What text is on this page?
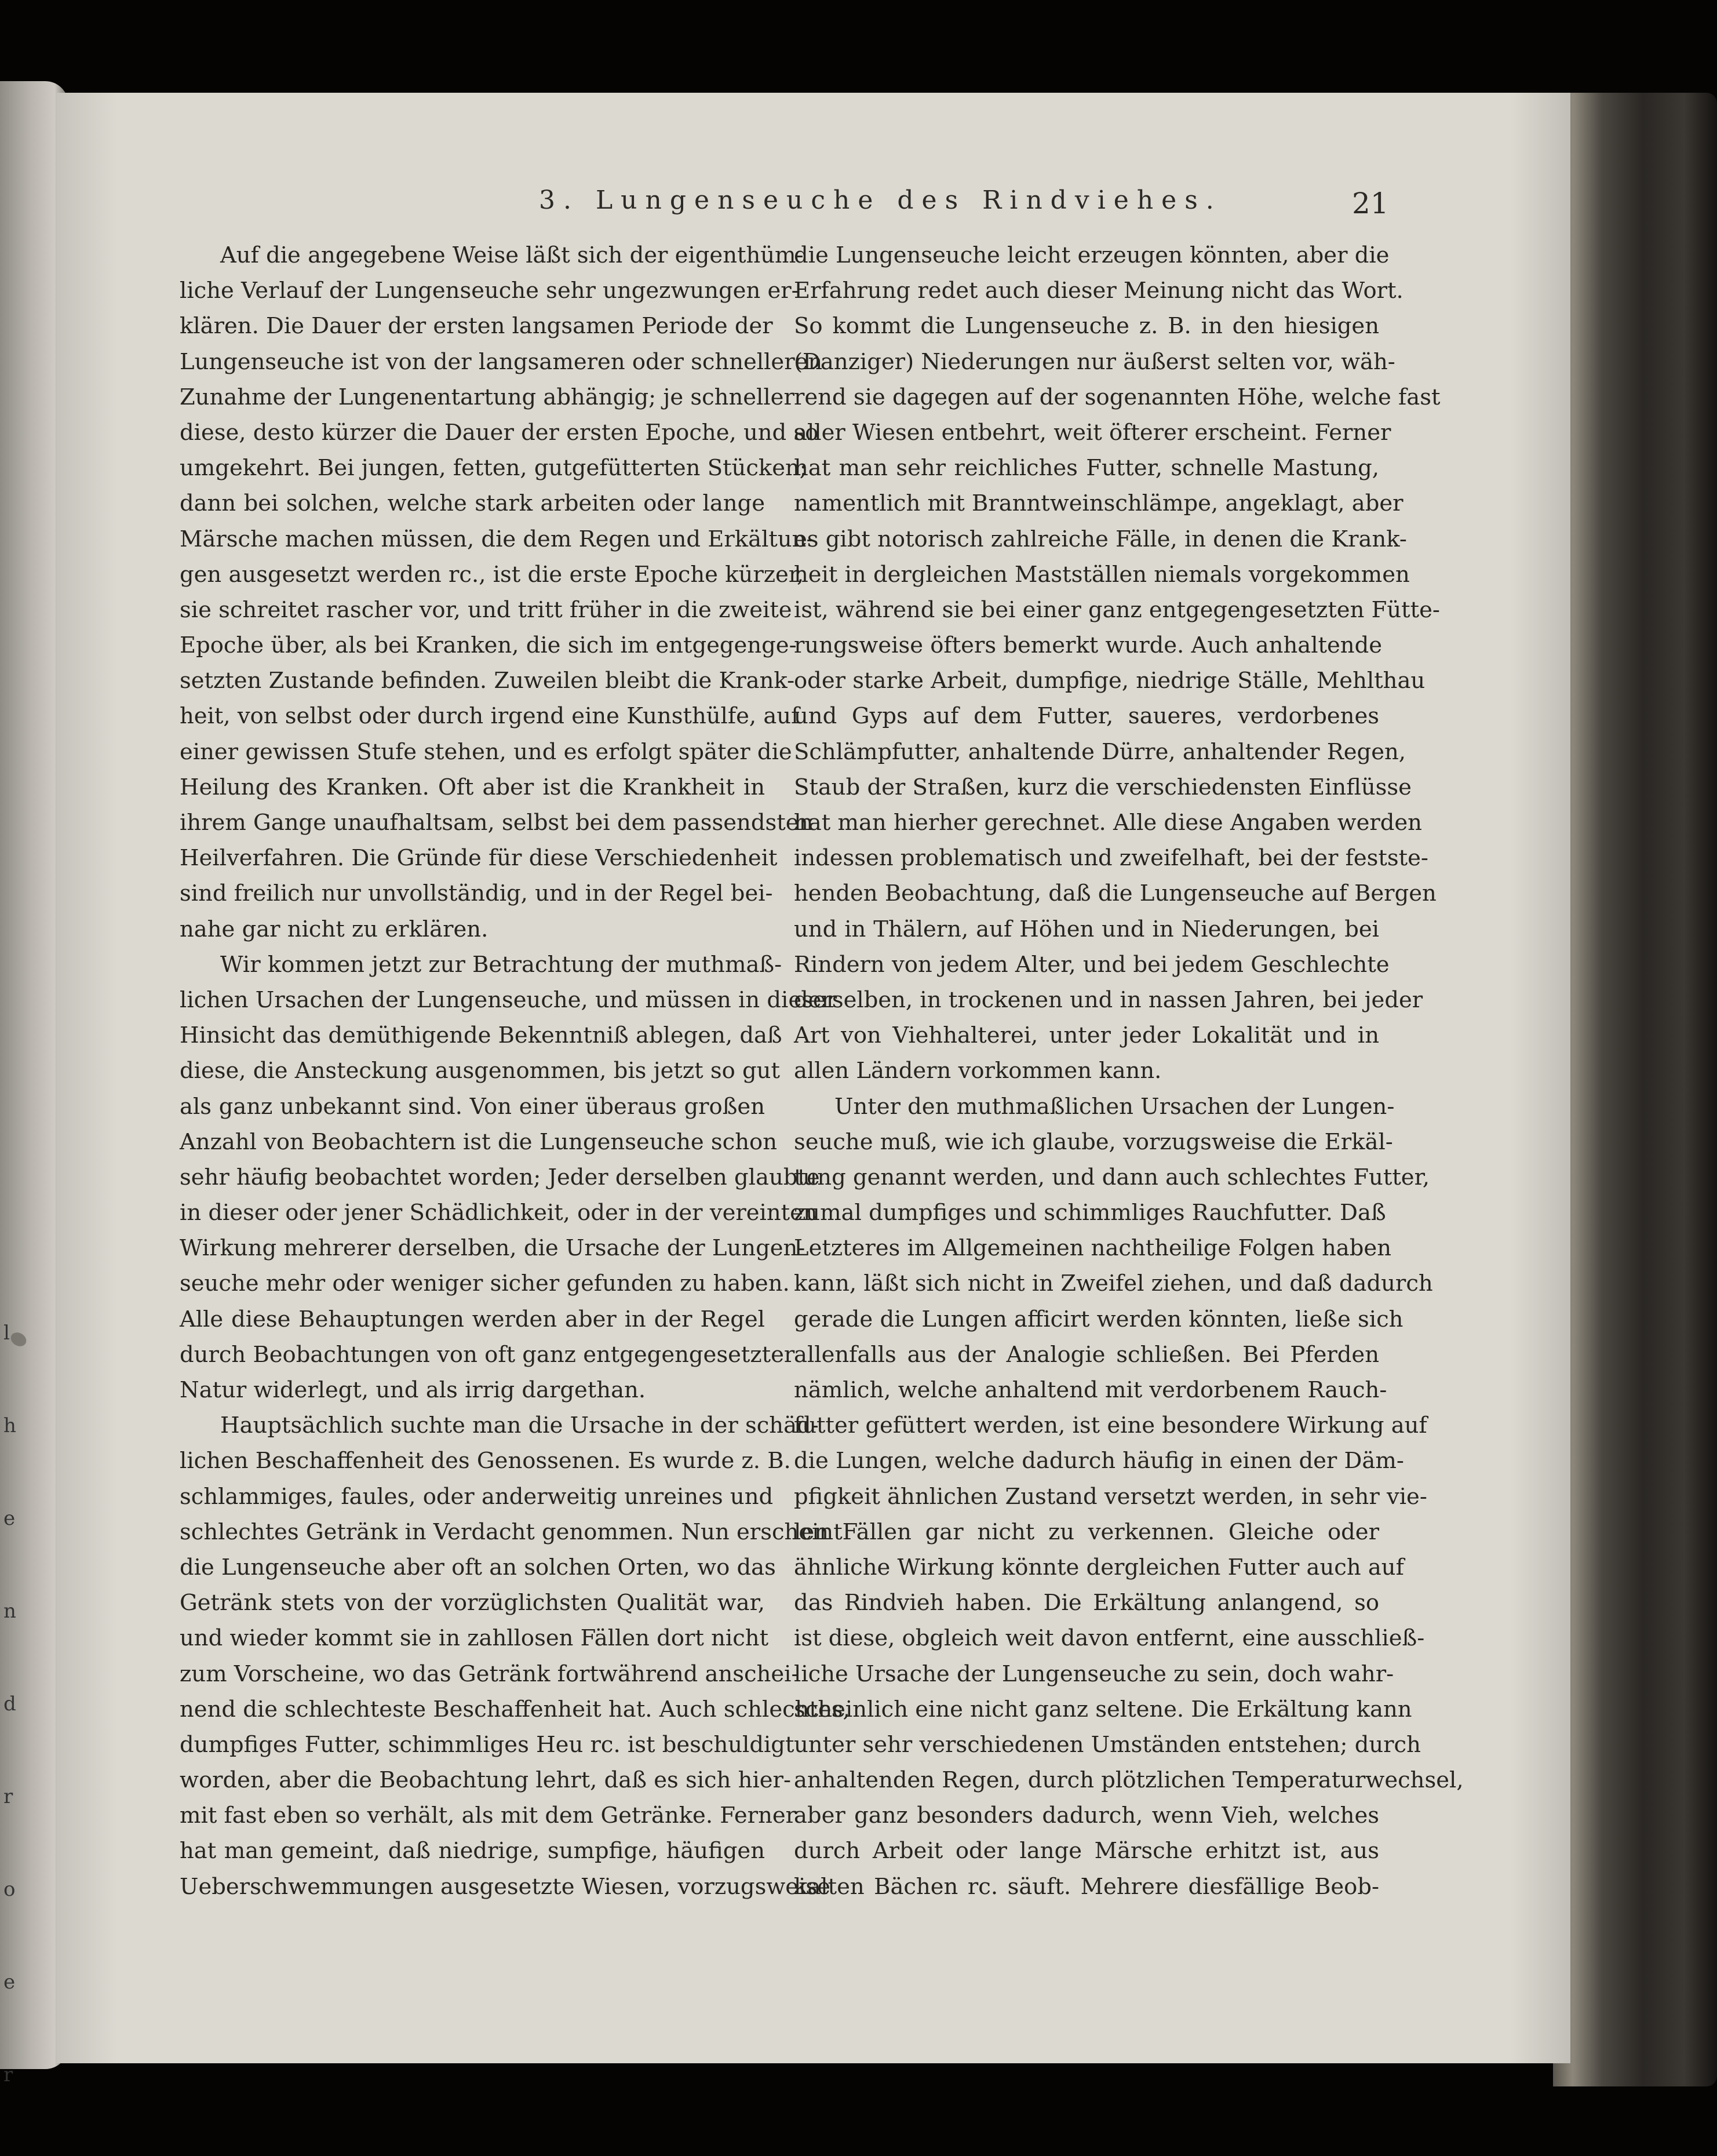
l
h
e
n
d
r
o
e
r
3. Lungenseuche des Rindviehes.	21
Auf die angegebene Weise läßt sich der eigenthüm-
liche Verlauf der Lungenseuche sehr ungezwungen er-
klären. Die Dauer der ersten langsamen Periode der
Lungenseuche ist von der langsameren oder schnelleren
Zunahme der Lungenentartung abhängig; je schneller
diese, desto kürzer die Dauer der ersten Epoche, und so
umgekehrt. Bei jungen, fetten, gutgefütterten Stücken;
dann bei solchen, welche stark arbeiten oder lange
Märsche machen müssen, die dem Regen und Erkältun-
gen ausgesetzt werden rc., ist die erste Epoche kürzer,
sie schreitet rascher vor, und tritt früher in die zweite
Epoche über, als bei Kranken, die sich im entgegenge-
setzten Zustande befinden. Zuweilen bleibt die Krank-
heit, von selbst oder durch irgend eine Kunsthülfe, auf
einer gewissen Stufe stehen, und es erfolgt später die
Heilung des Kranken. Oft aber ist die Krankheit in
ihrem Gange unaufhaltsam, selbst bei dem passendsten
Heilverfahren. Die Gründe für diese Verschiedenheit
sind freilich nur unvollständig, und in der Regel bei-
nahe gar nicht zu erklären.
Wir kommen jetzt zur Betrachtung der muthmaß-
lichen Ursachen der Lungenseuche, und müssen in dieser
Hinsicht das demüthigende Bekenntniß ablegen, daß
diese, die Ansteckung ausgenommen, bis jetzt so gut
als ganz unbekannt sind. Von einer überaus großen
Anzahl von Beobachtern ist die Lungenseuche schon
sehr häufig beobachtet worden; Jeder derselben glaubte
in dieser oder jener Schädlichkeit, oder in der vereinten
Wirkung mehrerer derselben, die Ursache der Lungen-
seuche mehr oder weniger sicher gefunden zu haben.
Alle diese Behauptungen werden aber in der Regel
durch Beobachtungen von oft ganz entgegengesetzter
Natur widerlegt, und als irrig dargethan.
Hauptsächlich suchte man die Ursache in der schäd-
lichen Beschaffenheit des Genossenen. Es wurde z. B.
schlammiges, faules, oder anderweitig unreines und
schlechtes Getränk in Verdacht genommen. Nun erscheint
die Lungenseuche aber oft an solchen Orten, wo das
Getränk stets von der vorzüglichsten Qualität war,
und wieder kommt sie in zahllosen Fällen dort nicht
zum Vorscheine, wo das Getränk fortwährend anschei-
nend die schlechteste Beschaffenheit hat. Auch schlechtes,
dumpfiges Futter, schimmliges Heu rc. ist beschuldigt
worden, aber die Beobachtung lehrt, daß es sich hier-
mit fast eben so verhält, als mit dem Getränke. Ferner
hat man gemeint, daß niedrige, sumpfige, häufigen
Ueberschwemmungen ausgesetzte Wiesen, vorzugsweise
die Lungenseuche leicht erzeugen könnten, aber die
Erfahrung redet auch dieser Meinung nicht das Wort.
So kommt die Lungenseuche z. B. in den hiesigen
(Danziger) Niederungen nur äußerst selten vor, wäh-
rend sie dagegen auf der sogenannten Höhe, welche fast
aller Wiesen entbehrt, weit öfterer erscheint. Ferner
hat man sehr reichliches Futter, schnelle Mastung,
namentlich mit Branntweinschlämpe, angeklagt, aber
es gibt notorisch zahlreiche Fälle, in denen die Krank-
heit in dergleichen Mastställen niemals vorgekommen
ist, während sie bei einer ganz entgegengesetzten Fütte-
rungsweise öfters bemerkt wurde. Auch anhaltende
oder starke Arbeit, dumpfige, niedrige Ställe, Mehlthau
und Gyps auf dem Futter, saueres, verdorbenes
Schlämpfutter, anhaltende Dürre, anhaltender Regen,
Staub der Straßen, kurz die verschiedensten Einflüsse
hat man hierher gerechnet. Alle diese Angaben werden
indessen problematisch und zweifelhaft, bei der festste-
henden Beobachtung, daß die Lungenseuche auf Bergen
und in Thälern, auf Höhen und in Niederungen, bei
Rindern von jedem Alter, und bei jedem Geschlechte
derselben, in trockenen und in nassen Jahren, bei jeder
Art von Viehhalterei, unter jeder Lokalität und in
allen Ländern vorkommen kann.
Unter den muthmaßlichen Ursachen der Lungen-
seuche muß, wie ich glaube, vorzugsweise die Erkäl-
tung genannt werden, und dann auch schlechtes Futter,
zumal dumpfiges und schimmliges Rauchfutter. Daß
Letzteres im Allgemeinen nachtheilige Folgen haben
kann, läßt sich nicht in Zweifel ziehen, und daß dadurch
gerade die Lungen afficirt werden könnten, ließe sich
allenfalls aus der Analogie schließen. Bei Pferden
nämlich, welche anhaltend mit verdorbenem Rauch-
futter gefüttert werden, ist eine besondere Wirkung auf
die Lungen, welche dadurch häufig in einen der Däm-
pfigkeit ähnlichen Zustand versetzt werden, in sehr vie-
len Fällen gar nicht zu verkennen. Gleiche oder
ähnliche Wirkung könnte dergleichen Futter auch auf
das Rindvieh haben. Die Erkältung anlangend, so
ist diese, obgleich weit davon entfernt, eine ausschließ-
liche Ursache der Lungenseuche zu sein, doch wahr-
scheinlich eine nicht ganz seltene. Die Erkältung kann
unter sehr verschiedenen Umständen entstehen; durch
anhaltenden Regen, durch plötzlichen Temperaturwechsel,
aber ganz besonders dadurch, wenn Vieh, welches
durch Arbeit oder lange Märsche erhitzt ist, aus
kalten Bächen rc. säuft. Mehrere diesfällige Beob-
